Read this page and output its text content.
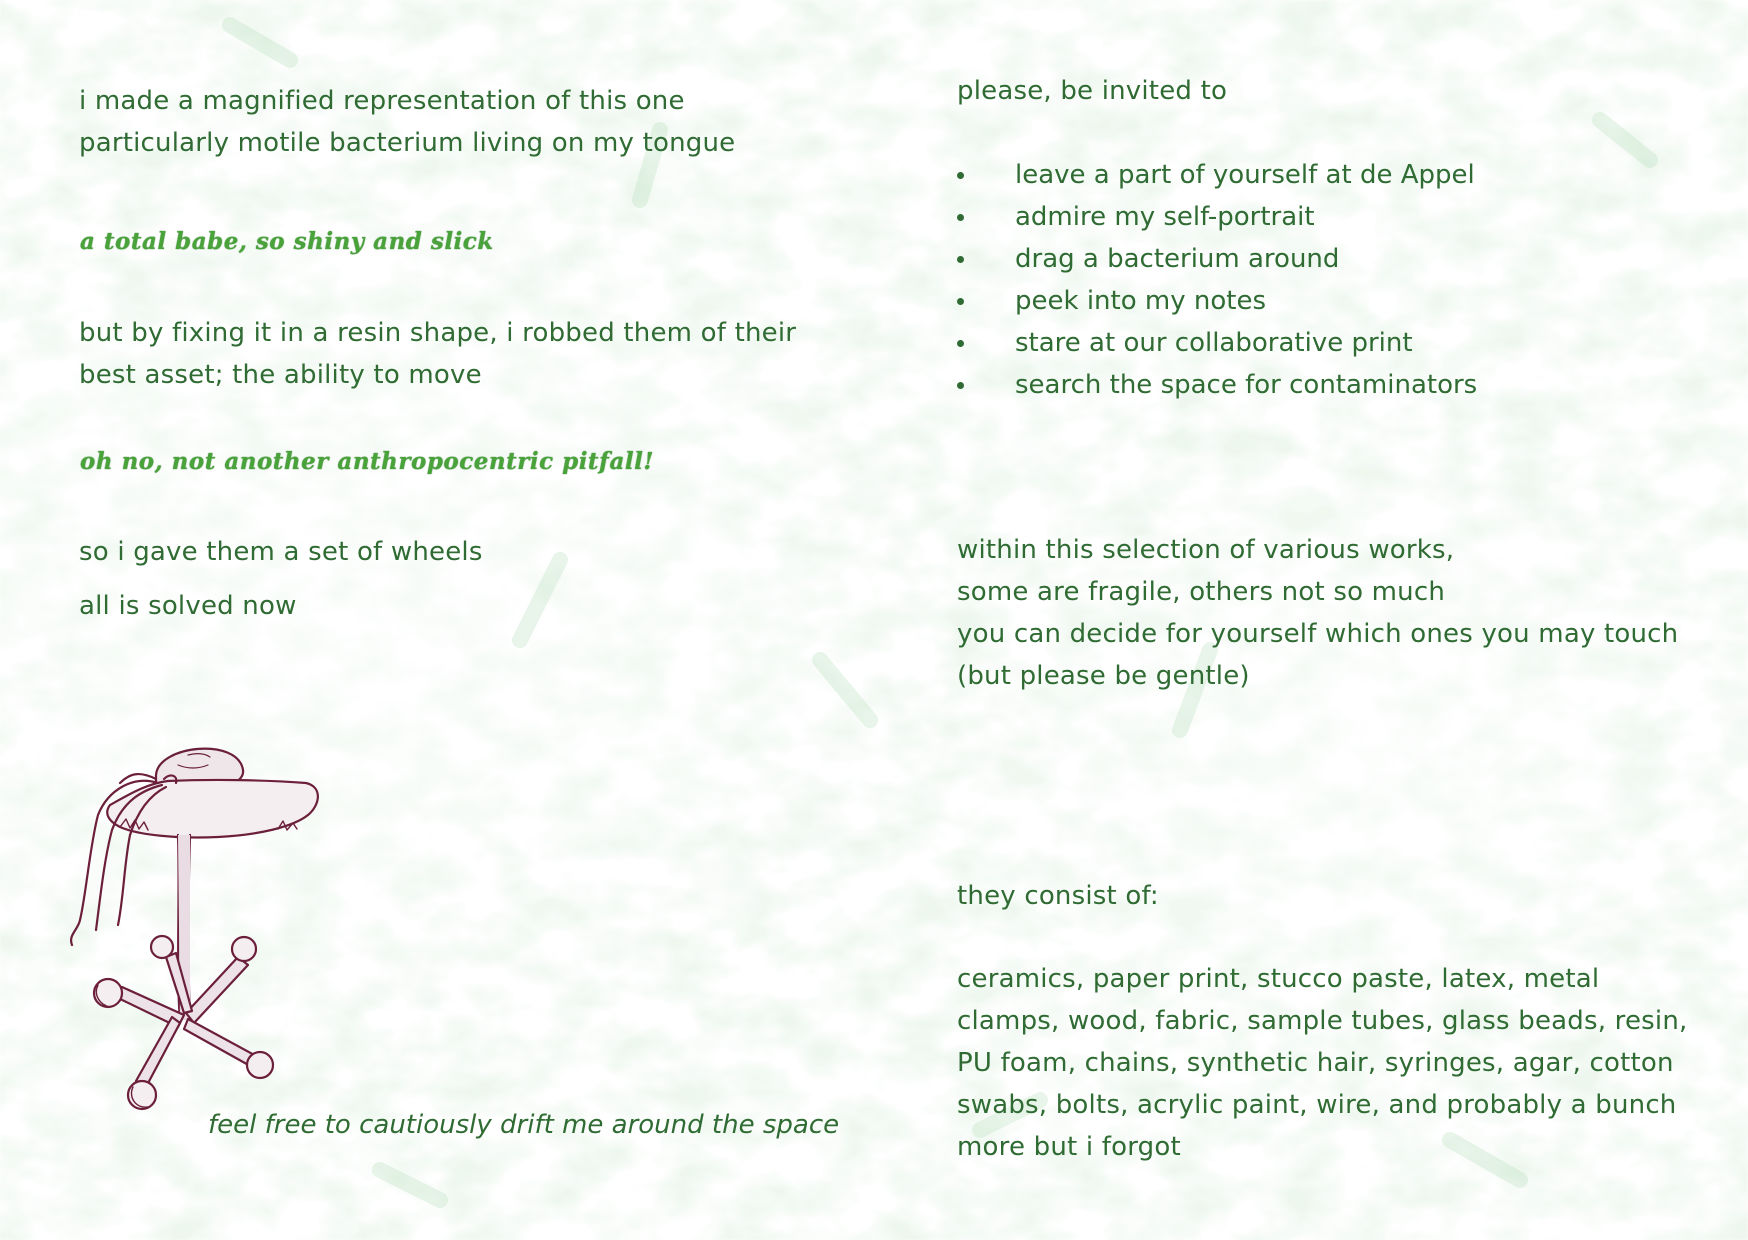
i made a magnified representation of this one
particularly motile bacterium living on my tongue
a total babe, so shiny and slick
but by fixing it in a resin shape, i robbed them of their
best asset; the ability to move
oh no, not another anthropocentric pitfall!
so i gave them a set of wheels
all is solved now
feel free to cautiously drift me around the space
please, be invited to
leave a part of yourself at de Appel
admire my self-portrait
drag a bacterium around
peek into my notes
stare at our collaborative print
search the space for contaminators
within this selection of various works,
some are fragile, others not so much
you can decide for yourself which ones you may touch
(but please be gentle)
they consist of:
ceramics, paper print, stucco paste, latex, metal
clamps, wood, fabric, sample tubes, glass beads, resin,
PU foam, chains, synthetic hair, syringes, agar, cotton
swabs, bolts, acrylic paint, wire, and probably a bunch
more but i forgot
